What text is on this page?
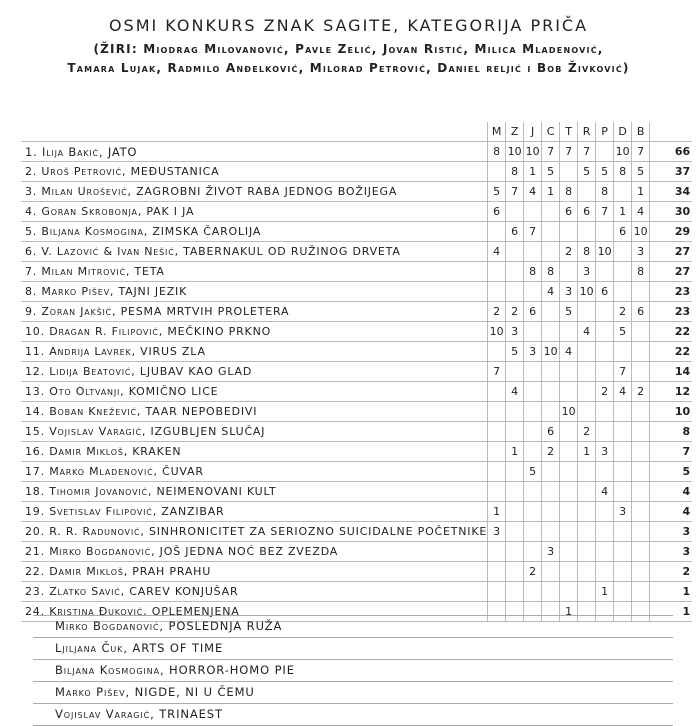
OSMI KONKURS ZNAK SAGITE, KATEGORIJA PRIČA
(ŽIRI: Miodrag Milovanović, Pavle Zelić, Jovan Ristić, Milica Mladenović,
Tamara Lujak, Radmilo Anđelković, Milorad Petrović, Daniel reljić i Bob Živković)
	M	Z	J	C	T	R	P	D	B		
1. Ilija Bakić, JATO	8	10	10	7	7	7		10	7		66
2. Uroš Petrović, MEĐUSTANICA		8	1	5		5	5	8	5		37
3. Milan Urošević, ZAGROBNI ŽIVOT RABA JEDNOG BOŽIJEGA	5	7	4	1	8		8		1		34
4. Goran Skrobonja, PAK I JA	6				6	6	7	1	4		30
5. Biljana Kosmogina, ZIMSKA ČAROLIJA		6	7					6	10		29
6. V. Lazović & Ivan Nešić, TABERNAKUL OD RUŽINOG DRVETA	4				2	8	10		3		27
7. Milan Mitrović, TETA			8	8		3			8		27
8. Marko Pišev, TAJNI JEZIK				4	3	10	6				23
9. Zoran Jakšić, PESMA MRTVIH PROLETERA	2	2	6		5			2	6		23
10. Dragan R. Filipović, MEČKINO PRKNO	10	3				4		5			22
11. Andrija Lavrek, VIRUS ZLA		5	3	10	4						22
12. Lidija Beatović, LJUBAV KAO GLAD	7							7			14
13. Oto Oltvanji, KOMIČNO LICE		4					2	4	2		12
14. Boban Knežević, TAAR NEPOBEDIVI					10						10
15. Vojislav Varagić, IZGUBLJEN SLUČAJ				6		2					8
16. Damir Mikloš, KRAKEN		1		2		1	3				7
17. Marko Mladenović, ČUVAR			5								5
18. Tihomir Jovanović, NEIMENOVANI KULT							4				4
19. Svetislav Filipović, ZANZIBAR	1							3			4
20. R. R. Radunović, SINHRONICITET ZA SERIOZNO SUICIDALNE POČETNIKE	3										3
21. Mirko Bogdanović, JOŠ JEDNA NOĆ BEZ ZVEZDA				3							3
22. Damir Mikloš, PRAH PRAHU			2								2
23. Zlatko Savić, CAREV KONJUŠAR							1				1
24. Kristina Đuković, OPLEMENJENA					1						1
Mirko Bogdanović, POSLEDNJA RUŽA
Ljiljana Čuk, ARTS OF TIME
Biljana Kosmogina, HORROR-HOMO PIE
Marko Pišev, NIGDE, NI U ČEMU
Vojislav Varagić, TRINAEST
